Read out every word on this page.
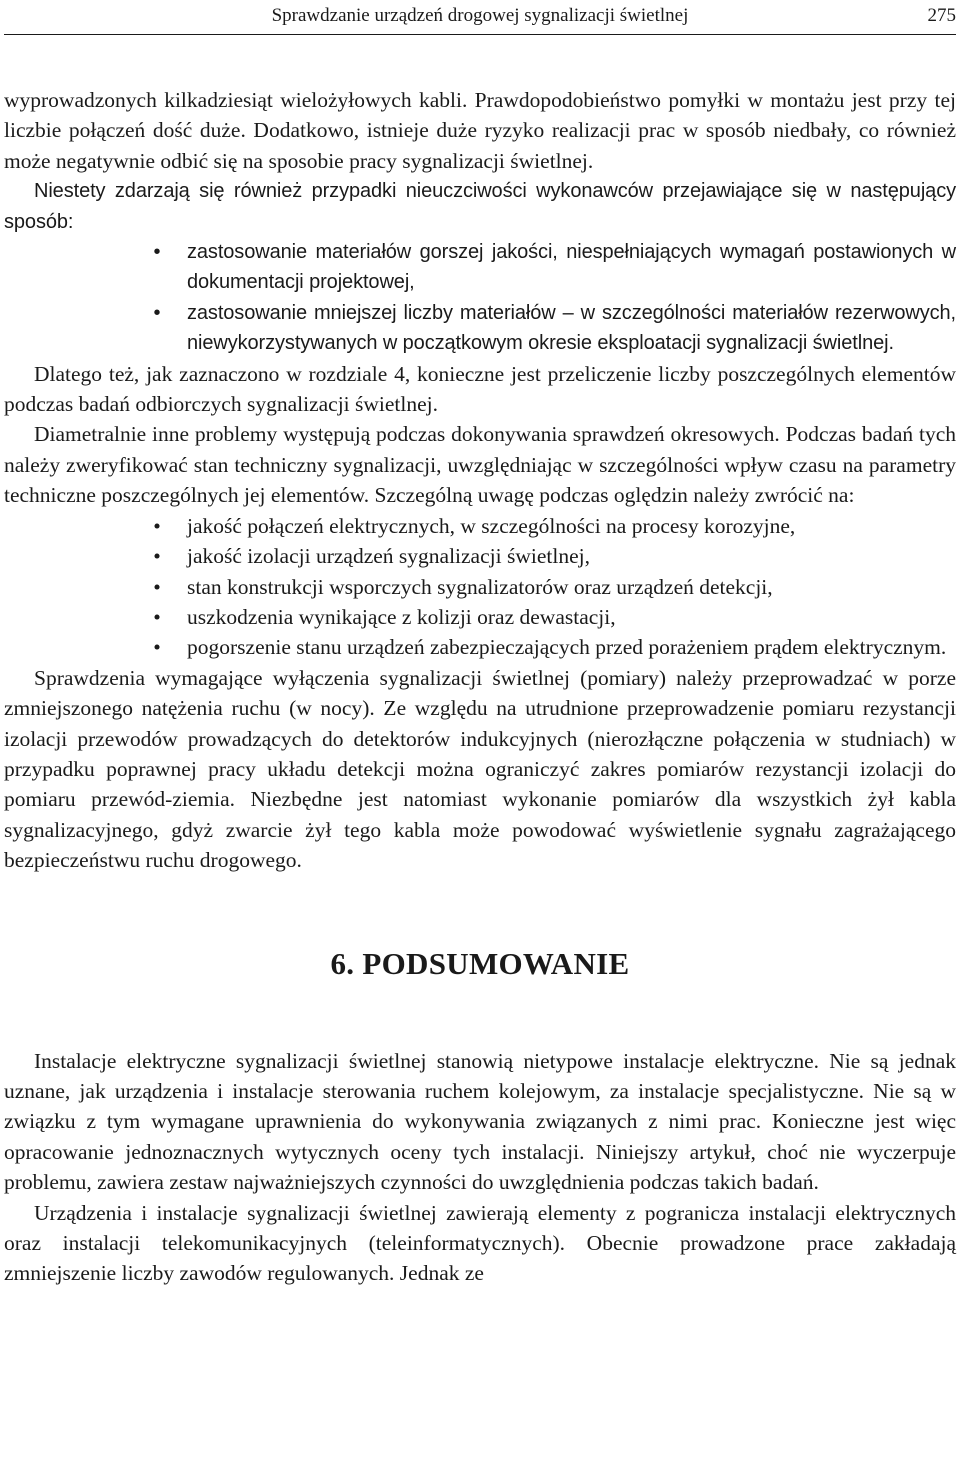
Sprawdzanie urządzeń drogowej sygnalizacji świetlnej	275

wyprowadzonych kilkadziesiąt wielożyłowych kabli. Prawdopodobieństwo pomyłki w montażu jest przy tej liczbie połączeń dość duże. Dodatkowo, istnieje duże ryzyko realizacji prac w sposób niedbały, co również może negatywnie odbić się na sposobie pracy sygnalizacji świetlnej.

Niestety zdarzają się również przypadki nieuczciwości wykonawców przejawiające się w następujący sposób:

• zastosowanie materiałów gorszej jakości, niespełniających wymagań postawionych w dokumentacji projektowej,
• zastosowanie mniejszej liczby materiałów – w szczególności materiałów rezerwowych, niewykorzystywanych w początkowym okresie eksploatacji sygnalizacji świetlnej.

Dlatego też, jak zaznaczono w rozdziale 4, konieczne jest przeliczenie liczby poszczególnych elementów podczas badań odbiorczych sygnalizacji świetlnej.

Diametralnie inne problemy występują podczas dokonywania sprawdzeń okresowych. Podczas badań tych należy zweryfikować stan techniczny sygnalizacji, uwzględniając w szczególności wpływ czasu na parametry techniczne poszczególnych jej elementów. Szczególną uwagę podczas oględzin należy zwrócić na:

• jakość połączeń elektrycznych, w szczególności na procesy korozyjne,
• jakość izolacji urządzeń sygnalizacji świetlnej,
• stan konstrukcji wsporczych sygnalizatorów oraz urządzeń detekcji,
• uszkodzenia wynikające z kolizji oraz dewastacji,
• pogorszenie stanu urządzeń zabezpieczających przed porażeniem prądem elektrycznym.

Sprawdzenia wymagające wyłączenia sygnalizacji świetlnej (pomiary) należy przeprowadzać w porze zmniejszonego natężenia ruchu (w nocy). Ze względu na utrudnione przeprowadzenie pomiaru rezystancji izolacji przewodów prowadzących do detektorów indukcyjnych (nierozłączne połączenia w studniach) w przypadku poprawnej pracy układu detekcji można ograniczyć zakres pomiarów rezystancji izolacji do pomiaru przewód-ziemia. Niezbędne jest natomiast wykonanie pomiarów dla wszystkich żył kabla sygnalizacyjnego, gdyż zwarcie żył tego kabla może powodować wyświetlenie sygnału zagrażającego bezpieczeństwu ruchu drogowego.

6. PODSUMOWANIE

Instalacje elektryczne sygnalizacji świetlnej stanowią nietypowe instalacje elektryczne. Nie są jednak uznane, jak urządzenia i instalacje sterowania ruchem kolejowym, za instalacje specjalistyczne. Nie są w związku z tym wymagane uprawnienia do wykonywania związanych z nimi prac. Konieczne jest więc opracowanie jednoznacznych wytycznych oceny tych instalacji. Niniejszy artykuł, choć nie wyczerpuje problemu, zawiera zestaw najważniejszych czynności do uwzględnienia podczas takich badań.

Urządzenia i instalacje sygnalizacji świetlnej zawierają elementy z pogranicza instalacji elektrycznych oraz instalacji telekomunikacyjnych (teleinformatycznych). Obecnie prowadzone prace zakładają zmniejszenie liczby zawodów regulowanych. Jednak ze
